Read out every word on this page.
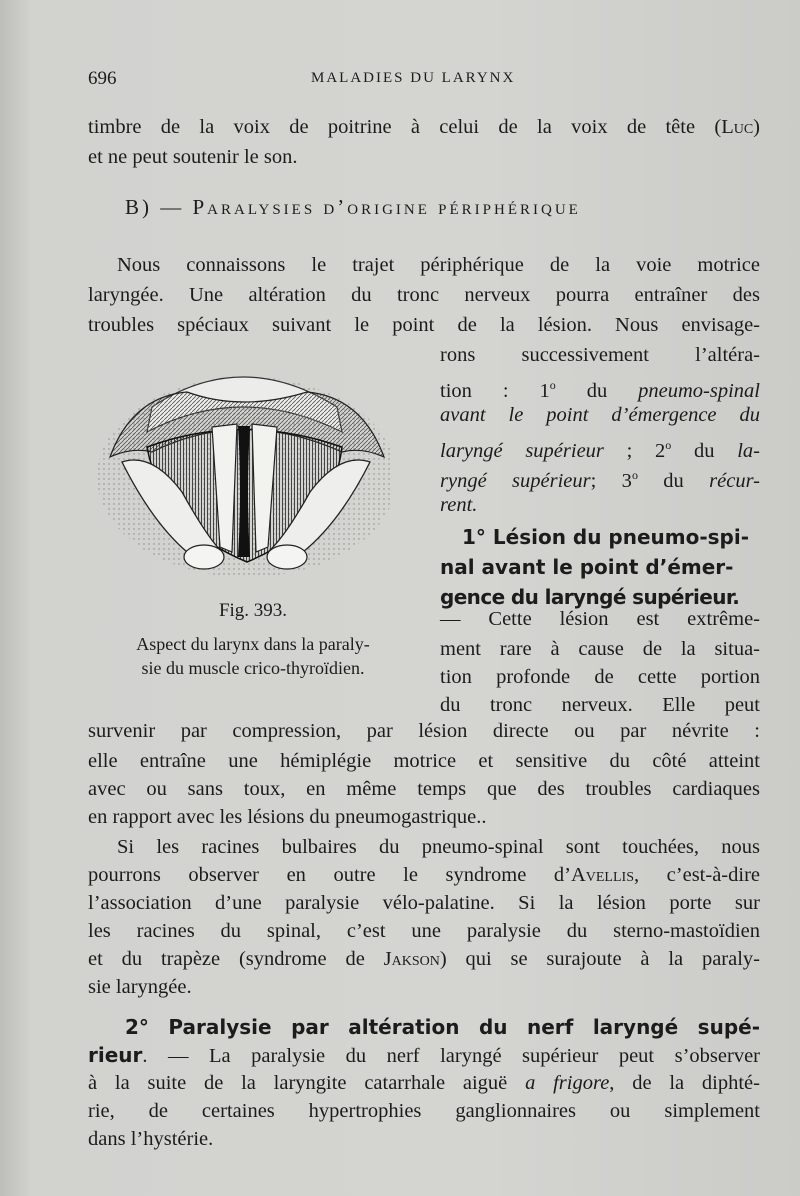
696	MALADIES DU LARYNX
timbre de la voix de poitrine à celui de la voix de tête (Luc)
et ne peut soutenir le son.
B) — Paralysies d’origine périphérique
Nous connaissons le trajet périphérique de la voie motrice
laryngée. Une altération du tronc nerveux pourra entraîner des
troubles spéciaux suivant le point de la lésion. Nous envisage-
Fig. 393.
Aspect du larynx dans la paraly-
sie du muscle crico-thyroïdien.
rons successivement l’altéra-
tion : 1$^o$ du pneumo-spinal
avant le point d’émergence du
laryngé supérieur ; 2$^o$ du la-
ryngé supérieur; 3$^o$ du récur-
rent.
1° Lésion du pneumo-spi-
nal avant le point d’émer-
gence du laryngé supérieur.
— Cette lésion est extrême-
ment rare à cause de la situa-
tion profonde de cette portion
du tronc nerveux. Elle peut
survenir par compression, par lésion directe ou par névrite :
elle entraîne une hémiplégie motrice et sensitive du côté atteint
avec ou sans toux, en même temps que des troubles cardiaques
en rapport avec les lésions du pneumogastrique..
Si les racines bulbaires du pneumo-spinal sont touchées, nous
pourrons observer en outre le syndrome d’Avellis, c’est-à-dire
l’association d’une paralysie vélo-palatine. Si la lésion porte sur
les racines du spinal, c’est une paralysie du sterno-mastoïdien
et du trapèze (syndrome de Jakson) qui se surajoute à la paraly-
sie laryngée.
2° Paralysie par altération du nerf laryngé supé-
rieur. — La paralysie du nerf laryngé supérieur peut s’observer
à la suite de la laryngite catarrhale aiguë a frigore, de la diphté-
rie, de certaines hypertrophies ganglionnaires ou simplement
dans l’hystérie.
